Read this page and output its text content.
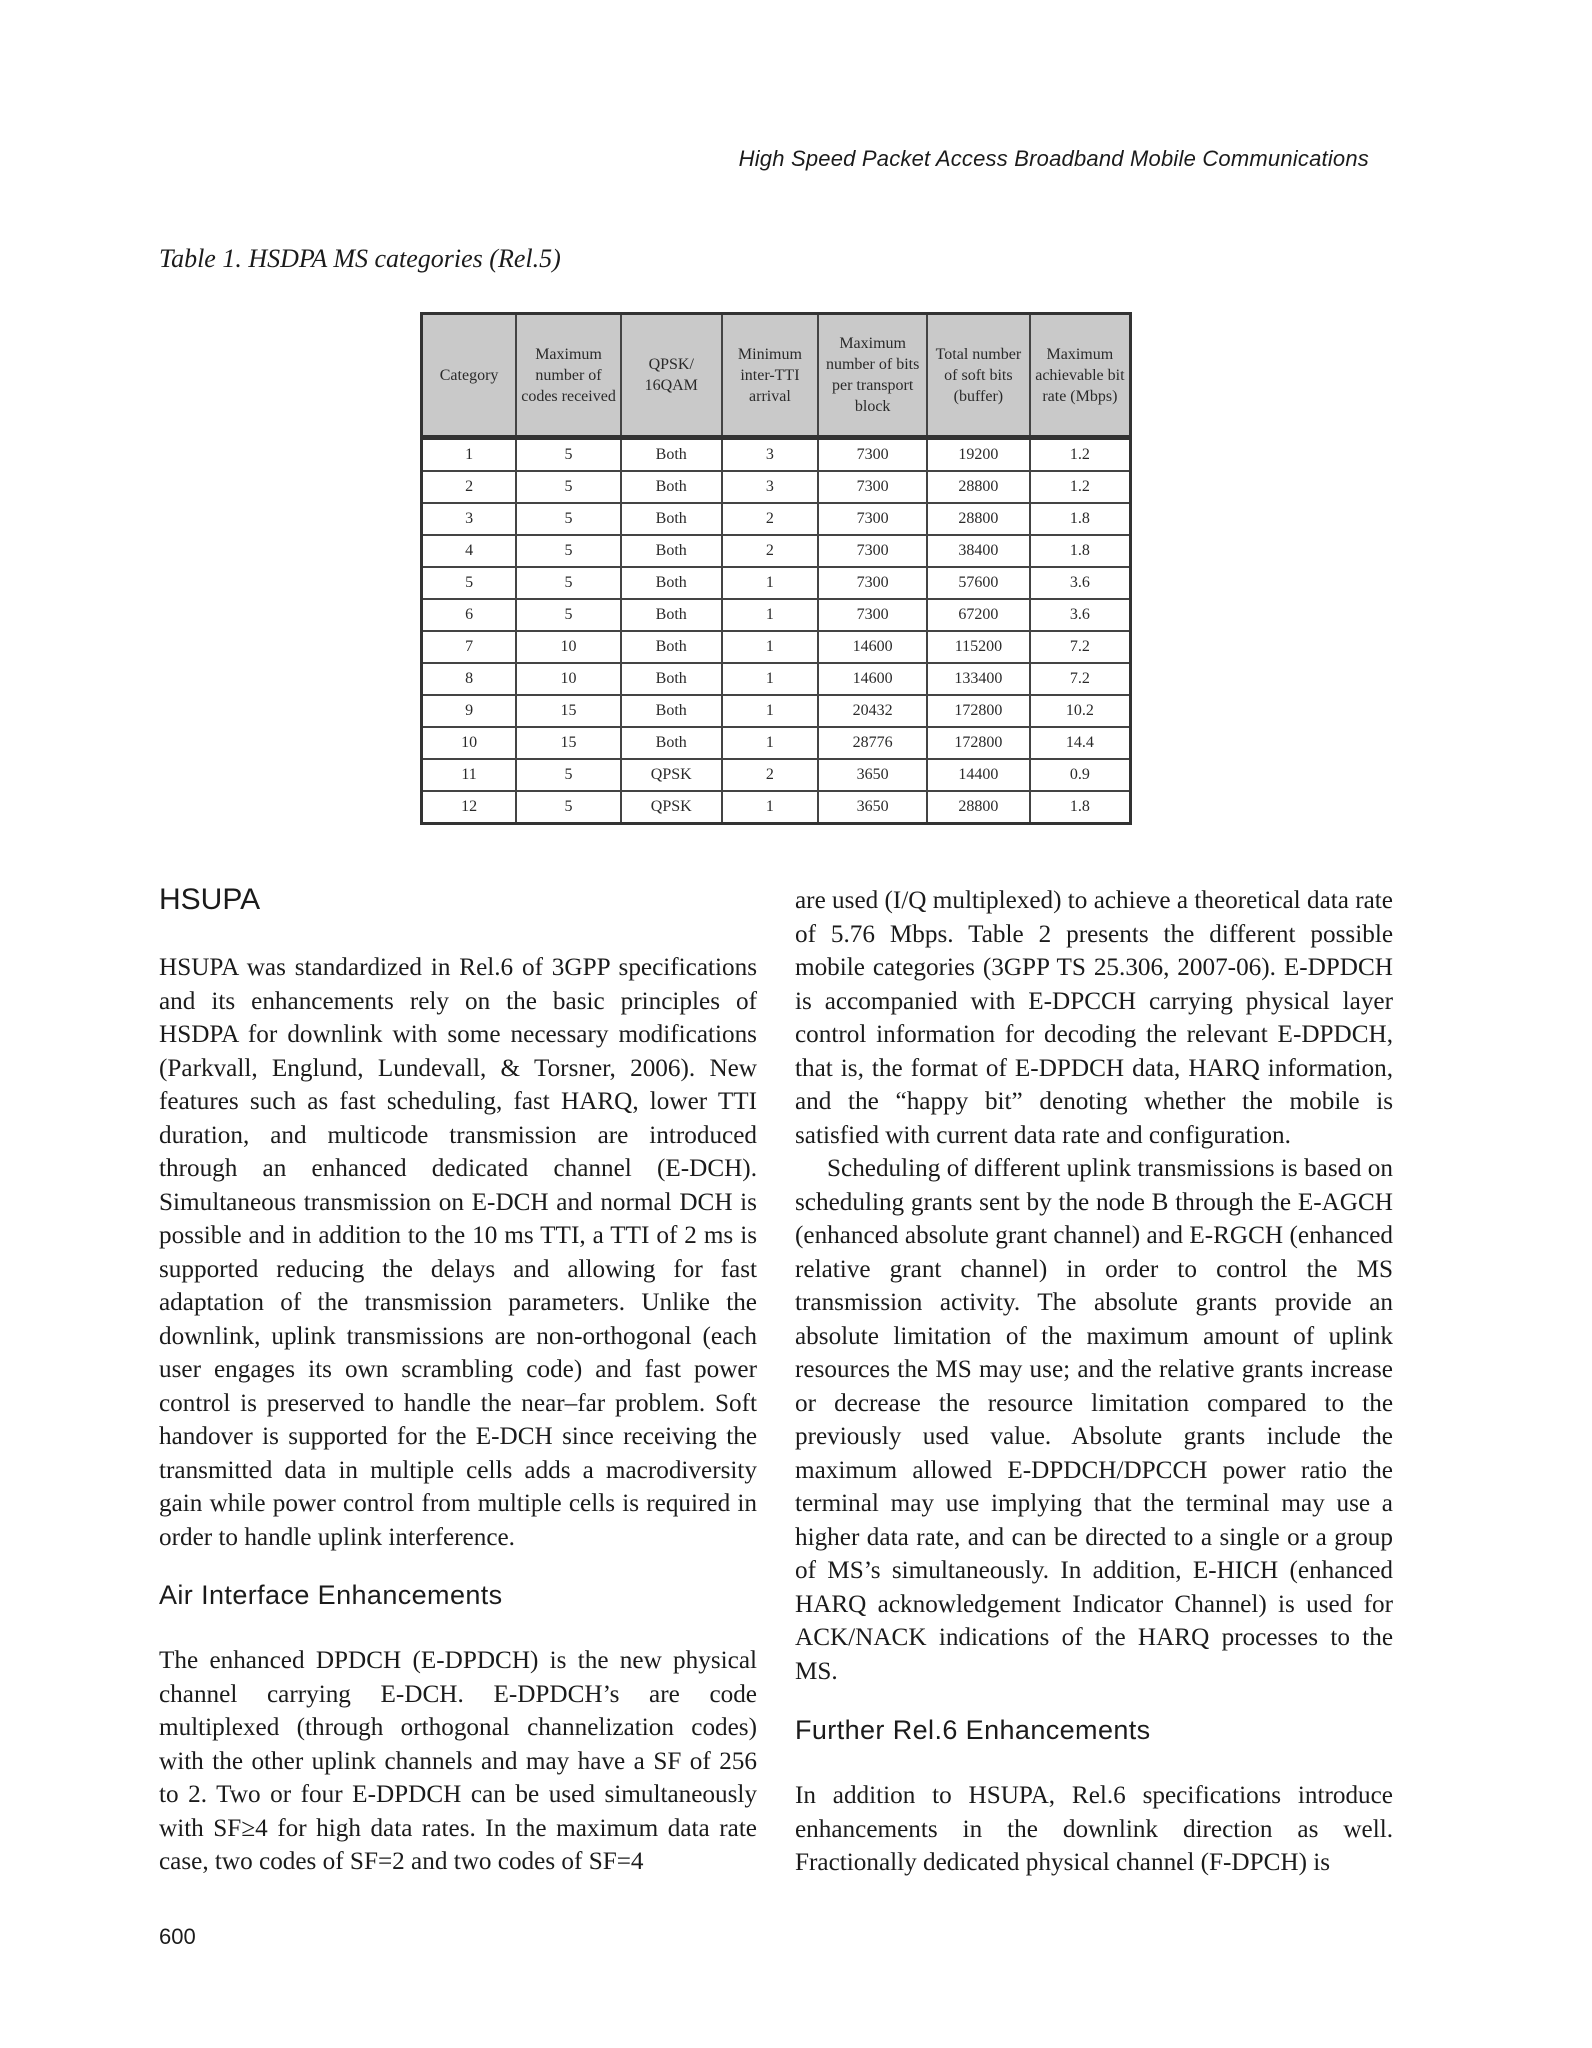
High Speed Packet Access Broadband Mobile Communications
Table 1. HSDPA MS categories (Rel.5)
Category	Maximum number of codes received	QPSK/ 16QAM	Minimum inter-TTI arrival	Maximum number of bits per transport block	Total number of soft bits (buffer)	Maximum achievable bit rate (Mbps)
1	5	Both	3	7300	19200	1.2
2	5	Both	3	7300	28800	1.2
3	5	Both	2	7300	28800	1.8
4	5	Both	2	7300	38400	1.8
5	5	Both	1	7300	57600	3.6
6	5	Both	1	7300	67200	3.6
7	10	Both	1	14600	115200	7.2
8	10	Both	1	14600	133400	7.2
9	15	Both	1	20432	172800	10.2
10	15	Both	1	28776	172800	14.4
11	5	QPSK	2	3650	14400	0.9
12	5	QPSK	1	3650	28800	1.8
HSUPA

HSUPA was standardized in Rel.6 of 3GPP specifications and its enhancements rely on the basic principles of HSDPA for downlink with some necessary modifications (Parkvall, Englund, Lundevall, & Torsner, 2006). New features such as fast scheduling, fast HARQ, lower TTI duration, and multicode transmission are introduced through an enhanced dedicated channel (E-DCH). Simultaneous transmission on E-DCH and normal DCH is possible and in addition to the 10 ms TTI, a TTI of 2 ms is supported reducing the delays and allowing for fast adaptation of the transmission parameters. Unlike the downlink, uplink transmissions are non-orthogonal (each user engages its own scrambling code) and fast power control is preserved to handle the near–far problem. Soft handover is supported for the E-DCH since receiving the transmitted data in multiple cells adds a macrodiversity gain while power control from multiple cells is required in order to handle uplink interference.

Air Interface Enhancements

The enhanced DPDCH (E-DPDCH) is the new physical channel carrying E-DCH. E-DPDCH’s are code multiplexed (through orthogonal channelization codes) with the other uplink channels and may have a SF of 256 to 2. Two or four E-DPDCH can be used simultaneously with SF≥4 for high data rates. In the maximum data rate case, two codes of SF=2 and two codes of SF=4

are used (I/Q multiplexed) to achieve a theoretical data rate of 5.76 Mbps. Table 2 presents the different possible mobile categories (3GPP TS 25.306, 2007-06). E-DPDCH is accompanied with E-DPCCH carrying physical layer control information for decoding the relevant E-DPDCH, that is, the format of E-DPDCH data, HARQ information, and the “happy bit” denoting whether the mobile is satisfied with current data rate and configuration.

Scheduling of different uplink transmissions is based on scheduling grants sent by the node B through the E-AGCH (enhanced absolute grant channel) and E-RGCH (enhanced relative grant channel) in order to control the MS transmission activity. The absolute grants provide an absolute limitation of the maximum amount of uplink resources the MS may use; and the relative grants increase or decrease the resource limitation compared to the previously used value. Absolute grants include the maximum allowed E-DPDCH/DPCCH power ratio the terminal may use implying that the terminal may use a higher data rate, and can be directed to a single or a group of MS’s simultaneously. In addition, E-HICH (enhanced HARQ acknowledgement Indicator Channel) is used for ACK/NACK indications of the HARQ processes to the MS.

Further Rel.6 Enhancements

In addition to HSUPA, Rel.6 specifications introduce enhancements in the downlink direction as well. Fractionally dedicated physical channel (F-DPCH) is

600
